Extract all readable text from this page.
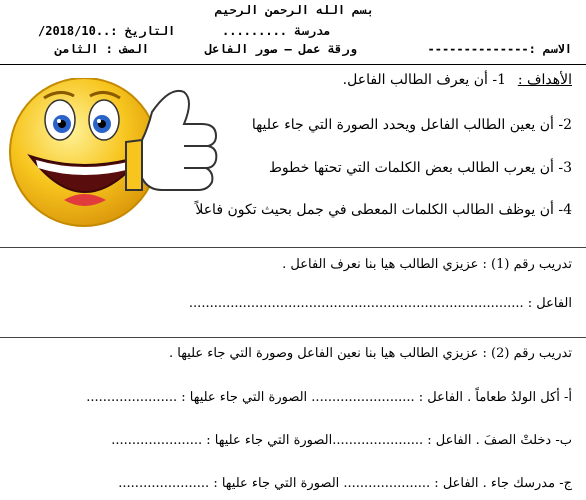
بسم الله الرحمن الرحيم
مدرسة .........
ورقة عمل – صور الفاعل	الاسم :--------------
التاريخ :..2018/10/
الصف : الثامن
الأهداف :
1- أن يعرف الطالب الفاعل.
2- أن يعين الطالب الفاعل ويحدد الصورة التي جاء عليها
3- أن يعرب الطالب بعض الكلمات التي تحتها خطوط
4- أن يوظف الطالب الكلمات المعطى في جمل بحيث تكون فاعلاً
تدريب رقم (1) : عزيزي الطالب هيا بنا نعرف الفاعل .
الفاعل : .................................................................................
تدريب رقم (2) : عزيزي الطالب هيا بنا نعين الفاعل وصورة التي جاء عليها .
أ- أكل الولدُ طعاماً . الفاعل : ......................... الصورة التي جاء عليها : ......................
ب- دخلتْ الصفَ . الفاعل : ......................الصورة التي جاء عليها : ......................
ج- مدرسك جاء . الفاعل : ..................... الصورة التي جاء عليها : ......................
